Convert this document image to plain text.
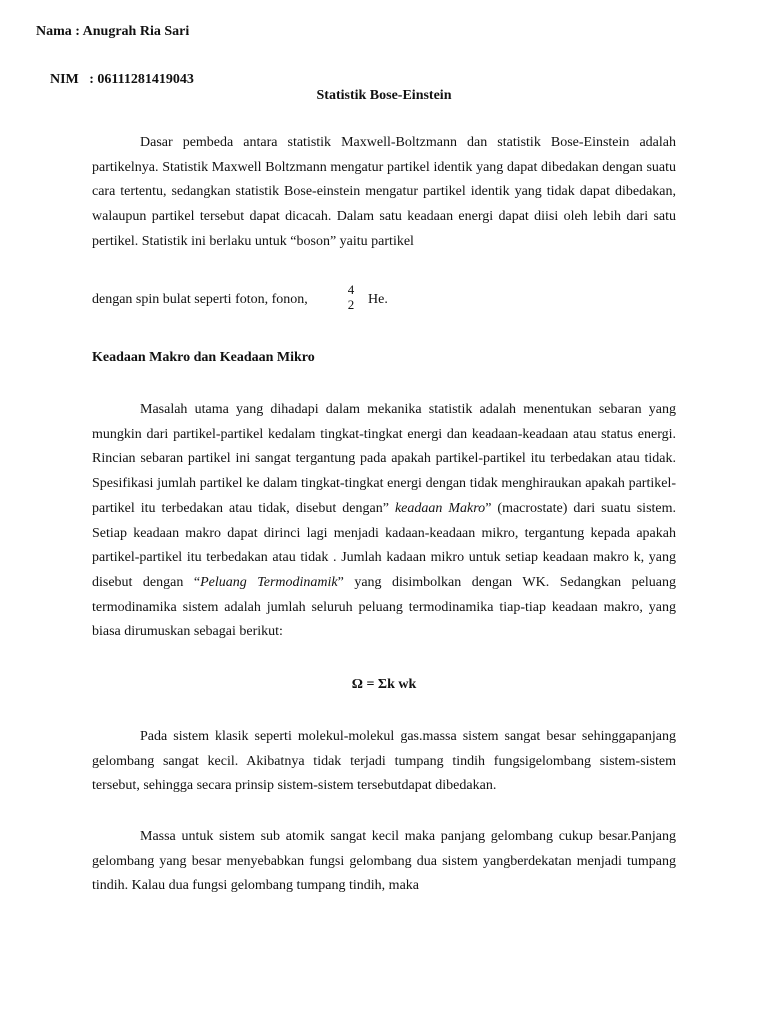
Nama : Anugrah Ria Sari

NIM   : 06111281419043

Statistik Bose-Einstein

Dasar pembeda antara statistik Maxwell-Boltzmann dan statistik Bose-Einstein adalah partikelnya. Statistik Maxwell Boltzmann mengatur partikel identik yang dapat dibedakan dengan suatu cara tertentu, sedangkan statistik Bose-einstein mengatur partikel identik yang tidak dapat dibedakan, walaupun partikel tersebut dapat dicacah. Dalam satu keadaan energi dapat diisi oleh lebih dari satu pertikel. Statistik ini berlaku untuk “boson” yaitu partikel

dengan spin bulat seperti foton, fonon,
4
2 He.
Keadaan Makro dan Keadaan Mikro

Masalah utama yang dihadapi dalam mekanika statistik adalah menentukan sebaran yang mungkin dari partikel-partikel kedalam tingkat-tingkat energi dan keadaan-keadaan atau status energi. Rincian sebaran partikel ini sangat tergantung pada apakah partikel-partikel itu terbedakan atau tidak. Spesifikasi jumlah partikel ke dalam tingkat-tingkat energi dengan tidak menghiraukan apakah partikel-partikel itu terbedakan atau tidak, disebut dengan” keadaan Makro” (macrostate) dari suatu sistem. Setiap keadaan makro dapat dirinci lagi menjadi kadaan-keadaan mikro, tergantung kepada apakah partikel-partikel itu terbedakan atau tidak . Jumlah kadaan mikro untuk setiap keadaan makro k, yang disebut dengan “Peluang Termodinamik” yang disimbolkan dengan WK. Sedangkan peluang termodinamika sistem adalah jumlah seluruh peluang termodinamika tiap-tiap keadaan makro, yang biasa dirumuskan sebagai berikut:

Ω = Σk wk

Pada sistem klasik seperti molekul-molekul gas.massa sistem sangat besar sehinggapanjang gelombang sangat kecil. Akibatnya tidak terjadi tumpang tindih fungsigelombang sistem-sistem tersebut, sehingga secara prinsip sistem-sistem tersebutdapat dibedakan.

Massa untuk sistem sub atomik sangat kecil maka panjang gelombang cukup besar.Panjang gelombang yang besar menyebabkan fungsi gelombang dua sistem yangberdekatan menjadi tumpang tindih. Kalau dua fungsi gelombang tumpang tindih, maka
